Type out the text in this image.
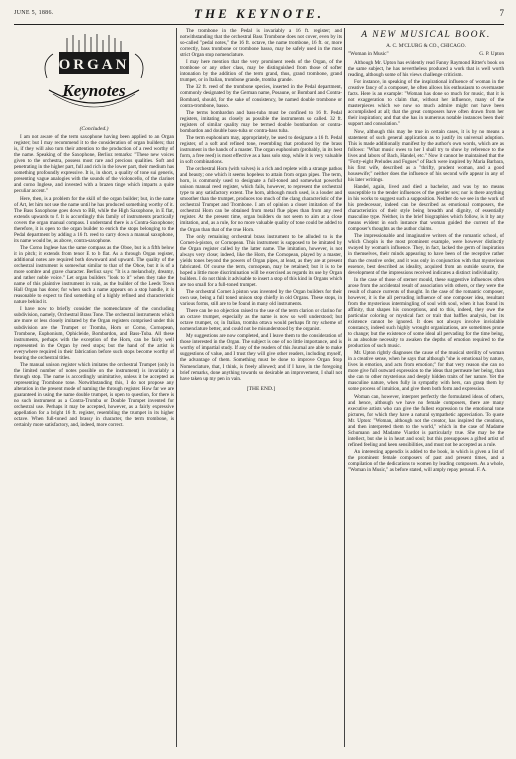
JUNE 5, 1886.	THE KEYNOTE.	7
ORGAN
Keynotes

(Concluded.)

I am not aware of the term saxophone having been applied to an Organ register; but I may recommend it to the consideration of organ builders; that is, if they will also turn their attention to the production of a reed worthy of the name. Speaking of the Saxophone, Berlioz remarks: "These new voices given to the orchestra, possess most rare and precious qualities. Soft and penetrating in the higher part, full and rich in the lower part, their medium has something profoundly expressive. It is, in short, a quality of tone sui generis, presenting vague analogies with the sounds of the violoncello, of the clarinet and corno Inglese, and invested with a brazen tinge which imparts a quite peculiar accent."

Here, then, is a problem for the skill of the organ builder; but, in the name of Art, let him not use the name until he has produced something worthy of it. The Bass Saxophone goes down to BB, while the High Saxophone, in E flat, extends upwards to f. It is accordingly this family of instruments practically covers the organ manual compass. I understand there is a Contra-Saxophone; therefore, it is open to the organ builder to enrich the stops belonging to the Pedal department by adding a 16 ft. reed to carry down a manual saxophone, its name would be, as above, contra-saxophone.

The Corno Inglese has the same compass as the Oboe, but is a fifth below it in pitch; it extends from tenor E to b flat. As a through Organ register, additional notes are required both downward and upward. The quality of the orchestral instrument is somewhat similar to that of the Oboe, but it is of a more sombre and grave character. Berlioz says: "It is a melancholy, dreamy, and rather noble voice." Let organ builders "look to it" when they take the name of this plaintive instrument in vain, as the builder of the Leeds Town Hall Organ has done; for when such a name appears on a stop handle, it is reasonable to expect to find something of a highly refined and characteristic nature behind it.

I have now to briefly consider the nomenclature of the concluding subdivision, namely, Orchestral Brass Tone. The orchestral instruments which are more or less closely imitated by the Organ registers comprised under this subdivision are the Trumpet or Tromba, Horn or Corno, Cornopean, Trombone, Euphonium, Ophicleide, Bombardon, and Bass-Tuba. All these instruments, perhaps with the exception of the Horn, can be fairly well represented in the Organ by reed stops; but the hand of the artist is everywhere required in their fabrication before such stops become worthy of bearing the orchestral titles.

The manual unison register which imitates the orchestral Trumpet (only in the limited number of notes possible on the instrument) is invariably a through stop. The name is accordingly unimitative, unless it be accepted as representing Trombone tone. Notwithstanding this, I do not propose any alteration in the present mode of naming the through register. How far we are guaranteed in using the name double trumpet, is open to question, for there is no such instrument as a Contra-Tromba or Double Trumpet invented for orchestral use. Perhaps it may be accepted, however, as a fairly expressive appellation for a bright 16 ft. register, resembling the trumpet in its higher octave. When full-toned and brassy in character, the term trombone, is certainly more satisfactory, and, indeed, more correct.

The trombone in the Pedal is invariably a 16 ft. register; and notwithstanding that the orchestral Bass Trombone does not cover, even by its so-called "pedal notes," the 16 ft. octave, the name trombone, 16 ft. or, more correctly, bass trombone or trombone basso, may be safely used in the most strict Organ stop nomenclature.

I may here mention that the very prominent reeds of the Organ, of the trombone or any other class, may be distinguished from those of softer intonation by the addition of the term grand, thus, grand trombone, grand trumpet, or in Italian, trombone grande, tromba grande.

The 32 ft. reed of the trombone species, inserted in the Pedal department, commonly designated by the German name, Posaune, or Bombard and Contra-Bombard, should, for the sake of consistency, be named double trombone or contra-trombone, basso.

The terms bombardon and bass-tuba must be confined to 16 ft. Pedal registers, imitating as closely as possible the instruments so called. 32 ft. registers of similar quality may be termed double bombardon or contra-bombardon and double bass-tuba or contra-bass tuba.

The term euphonium may, appropriately, be used to designate a 16 ft. Pedal register, of a soft and refined tone, resembling that produced by the brass instrument in the hands of a master. The organ euphonium (probably, in its best form, a free reed) is most effective as a bass solo stop, while it is very valuable in soft combinations.

The orchestral Horn (with valves) is a rich and replete with a strange pathos and beauty; one which it seems hopeless to attain from organ pipes. The term, horn, is commonly used to designate a full-toned and somewhat powerful unison manual reed register, which fails, however, to represent the orchestral type to any satisfactory extent. The horn, although much used, is a louder and smoother than the trumpet, produces too much of the clang characteristic of the orchestral Trumpet and Trombone. I am of opinion a closer imitation of the orchestral Horn can be obtained from metal flue pipes than from any reed register. At the present time, organ builders do not seem to aim at a close imitation, and, as a rule, for no more valuable quality of tone could be added to the Organ than that of the true Horn.

The only remaining orchestral brass instrument to be alluded to is the Cornet-à-piston, or Cornopean. This instrument is supposed to be imitated by the Organ register called by the latter name. The imitation, however, is not always very close; indeed, like the Horn, the Cornopean, played by a master, yields tones beyond the powers of Organ pipes, at least, as they are at present fabricated. Of course the term, cornopean, may be retained; but it is to be hoped a little more discrimination will be exercised as regards its use by Organ builders. I do not think it advisable to insert a stop of this kind in Organs which are too small for a full-toned trumpet.

The orchestral Cornet à piston was invented by the Organ builders for their own use, being a full toned unison stop chiefly in old Organs. These stops, in various forms, still are to be found in many old instruments.

There can be no objection raised to the use of the term clarion or clarino for an octave trumpet, especially as the name is now so well understood; but octave trumpet, or, in Italian, tromba ottava would perhaps fit my scheme of nomenclature better, and could not be misunderstood by the organist.

My suggestions are now completed, and I leave them to the consideration of those interested in the Organ. The subject is one of no little importance, and is worthy of impartial study. If any of the readers of this Journal are able to make suggestions of value, and I trust they will give other readers, including myself, the advantage of them. Something must be done to improve Organ Stop Nomenclature, that, I think, is freely allowed; and if I have, in the foregoing brief remarks, done anything towards so desirable an improvement, I shall not have taken up my pen in vain.

[THE END.]

A NEW MUSICAL BOOK.
A. C. M'CLURG & CO., CHICAGO.
"Woman in Music"	G. P. Upton

Although Mr. Upton has evidently read Fanny Raymond Ritter's book on the same subject, he has nevertheless produced a work that is well worth reading, although some of his views challenge criticism.

For instance, in speaking of the inspirational influence of woman in the creative fancy of a composer, he often allows his enthusiasm to overmaster facts. Here is an example: "Woman has done so much for music, that it is not exaggeration to claim that, without her influence, many of the masterpieces which we now so much admire might not have been accomplished at all; that the great composers have often drawn from her their inspiration; and that she has in numerous notable instances been their support and consolation."

Now, although this may be true in certain cases, it is by no means a statement of such general application as to justify its universal adoption. This is made additionally manifest by the author's own words, which are as follows: "What music owes to her I shall try to show by reference to the lives and labors of Bach, Handel, etc." Now it cannot be maintained that the "Forty-eight Preludes and Fugues" of Bach were inspired by Maria Barbara, his first wife, described as a "thrifty, prudent woman, and a good housewife;" neither does the influence of his second wife appear in any of his later writings.

Handel, again, lived and died a bachelor, and was by no means susceptible to the tender influences of the gentler sex; nor is there anything in his works to suggest such a supposition. Neither do we see in the work of his predecessor, indeed can be described as emotional composers, the characteristics of their style being breadth and dignity, of essentially masculine type. Neither, in the brief biographies which follow, is it by any means evident in each instance that woman guided the current of the composer's thoughts as the author claims.

The impressionable and imaginative writers of the romantic school, of which Chopin is the most prominent example, were however distinctly swayed by woman's influence. They, in fact, lacked the germ of inspiration in themselves, their minds appearing to have been of the receptive rather than the creative order, and it was only in conjunction with that mysterious essence, best described as ideality, acquired from an outside source, the development of the impressions received indicates a distinct individuality.

In the case of those of sterner mould, these suggestive influences often arose from the accidental result of association with others, or they were the result of chance currents of thought. In the case of the romantic composer, however, it is the all pervading influence of one composer idea, resultant from the mysterious intermingling of soul with soul, when it has found its affinity, that shapes his conceptions, and to this, indeed, they owe the particular coloring or mystical fact or trait that baffles analysis, but its existence cannot be ignored. It does not always involve inviolable constancy, indeed such highly wrought organizations, are sometimes prone to change; but the existence of some ideal all pervading for the time being, is an absolute necessity to awaken the depths of emotion required to the production of such music.

Mr. Upton rightly diagnoses the cause of the musical sterility of woman in a creative sense, when he says that although "she is emotional by nature, lives in emotion, and acts from emotion;" for that very reason she can no more give full outward expression to the ideas that permeate her being, than she can to other mysterious and deeply hidden traits of her nature. Yet the masculine nature, when fully in sympathy with hers, can grasp them by some process of intuition, and give them both form and expression.

Woman can, however, interpret perfectly the formulated ideas of others, and hence, although we have no female composers, there are many executive artists who can give the fullest expression to the emotional tone pictures, for which they have a natural sympathetic appreciation. To quote Mr. Upton: "Woman, although not the creator, has inspired the creations, and then interpreted them to the world," which in the case of Madame Schumann and Madame Viardot is particularly true. She may be the intellect, but she is in heart and soul; but this presupposes a gifted artist of refined feeling and keen sensibilities, and must not be accepted as a rule.

An interesting appendix is added to the book, in which is given a list of the prominent female composers of past and present times, and a compilation of the dedications to women by leading composers. As a whole, "Woman in Music," as before stated, will amply repay perusal. F. A.
